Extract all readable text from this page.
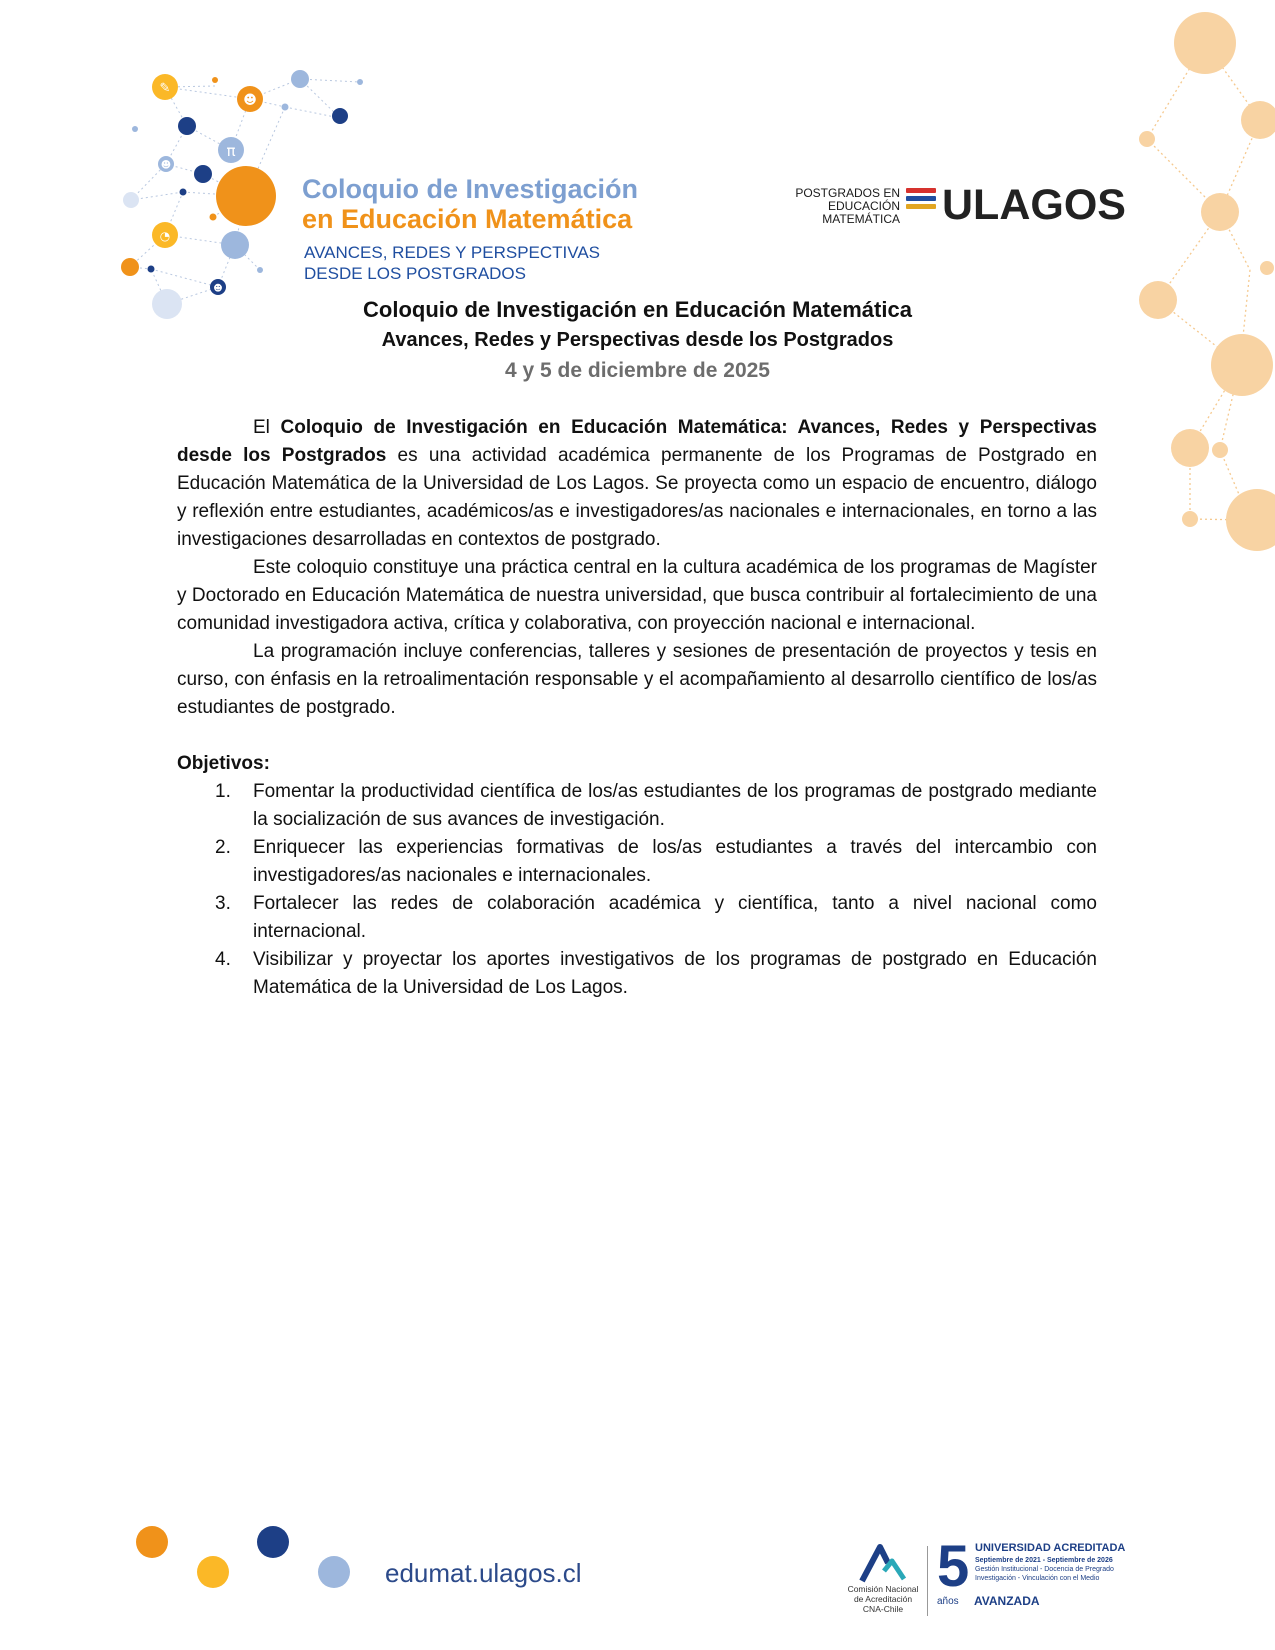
✎
☻
π
☻
◔
☻
Coloquio de Investigación
en Educación Matemática
AVANCES, REDES Y PERSPECTIVAS
DESDE LOS POSTGRADOS
POSTGRADOS EN
EDUCACIÓN
MATEMÁTICA ULAGOS
Coloquio de Investigación en Educación Matemática
Avances, Redes y Perspectivas desde los Postgrados
4 y 5 de diciembre de 2025

El Coloquio de Investigación en Educación Matemática: Avances, Redes y Perspectivas desde los Postgrados es una actividad académica permanente de los Programas de Postgrado en Educación Matemática de la Universidad de Los Lagos. Se proyecta como un espacio de encuentro, diálogo y reflexión entre estudiantes, académicos/as e investigadores/as nacionales e internacionales, en torno a las investigaciones desarrolladas en contextos de postgrado.

Este coloquio constituye una práctica central en la cultura académica de los programas de Magíster y Doctorado en Educación Matemática de nuestra universidad, que busca contribuir al fortalecimiento de una comunidad investigadora activa, crítica y colaborativa, con proyección nacional e internacional.

La programación incluye conferencias, talleres y sesiones de presentación de proyectos y tesis en curso, con énfasis en la retroalimentación responsable y el acompañamiento al desarrollo científico de los/as estudiantes de postgrado.

Objetivos:
1. Fomentar la productividad científica de los/as estudiantes de los programas de postgrado mediante la socialización de sus avances de investigación.
2. Enriquecer las experiencias formativas de los/as estudiantes a través del intercambio con investigadores/as nacionales e internacionales.
3. Fortalecer las redes de colaboración académica y científica, tanto a nivel nacional como internacional.
4. Visibilizar y proyectar los aportes investigativos de los programas de postgrado en Educación Matemática de la Universidad de Los Lagos.
edumat.ulagos.cl
Comisión Nacional
de Acreditación
CNA-Chile
5
años
UNIVERSIDAD ACREDITADA
Septiembre de 2021 - Septiembre de 2026
Gestión Institucional - Docencia de Pregrado
Investigación - Vinculación con el Medio
AVANZADA
